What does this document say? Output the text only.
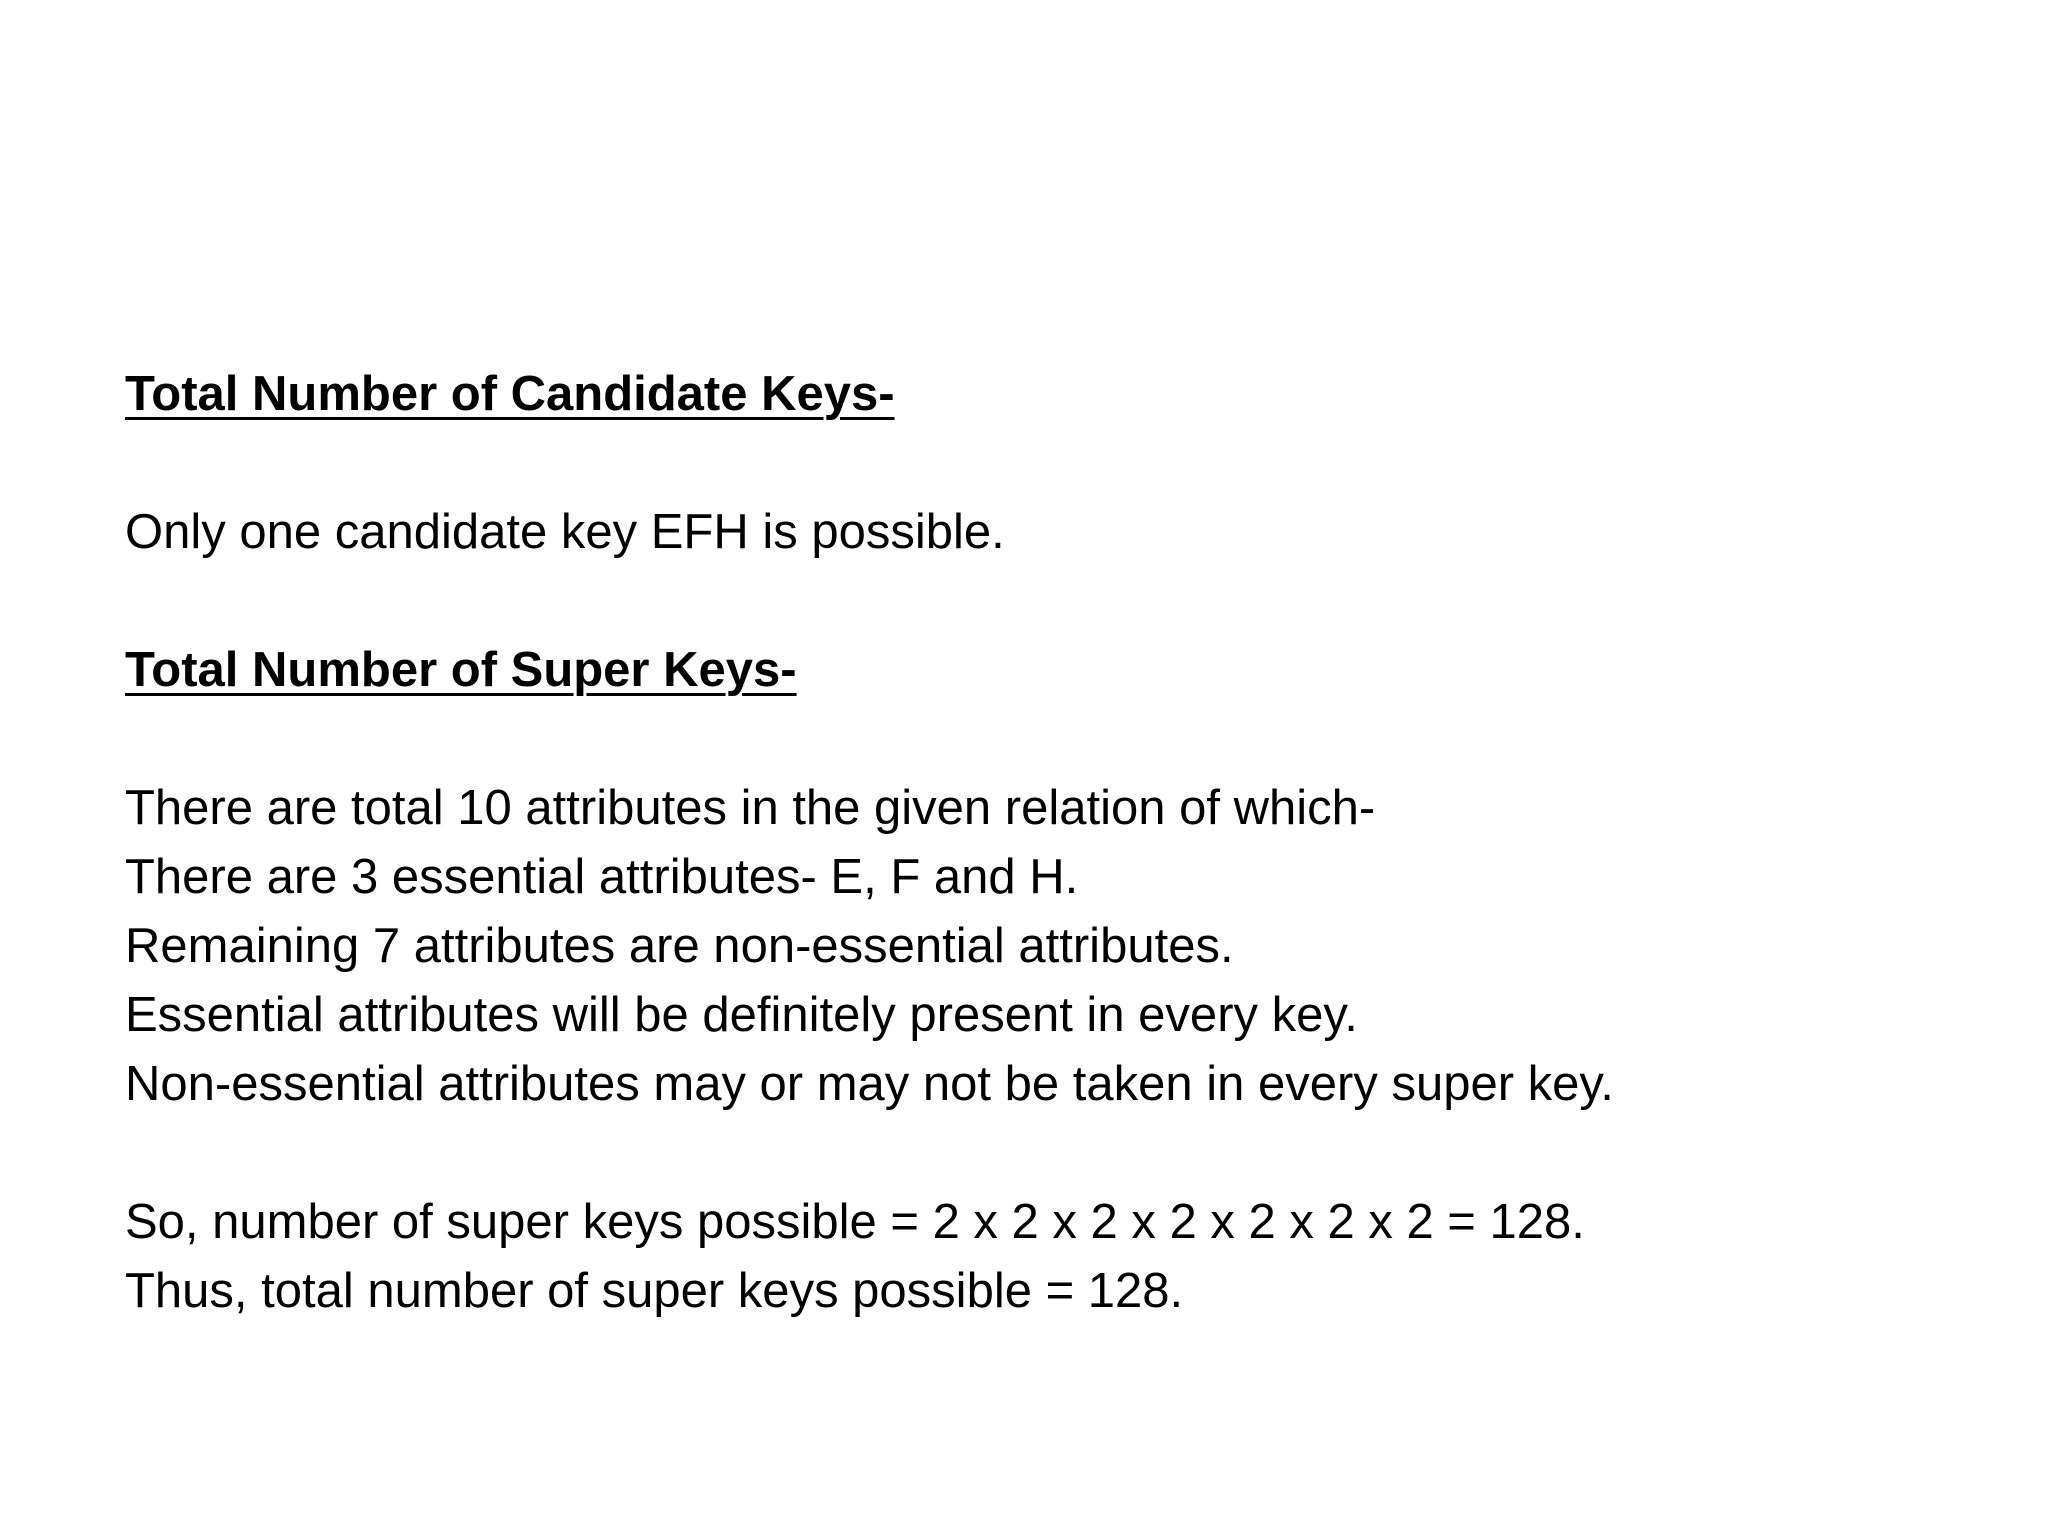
Total Number of Candidate Keys-
Only one candidate key EFH is possible.
Total Number of Super Keys-
There are total 10 attributes in the given relation of which-
There are 3 essential attributes- E, F and H.
Remaining 7 attributes are non-essential attributes.
Essential attributes will be definitely present in every key.
Non-essential attributes may or may not be taken in every super key.
So, number of super keys possible = 2 x 2 x 2 x 2 x 2 x 2 x 2 = 128.
Thus, total number of super keys possible = 128.
